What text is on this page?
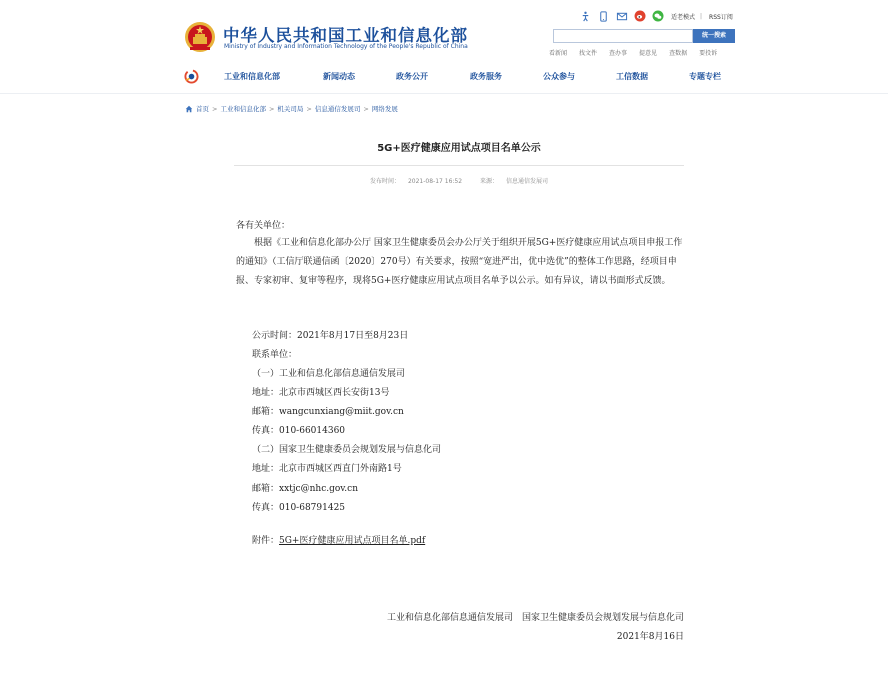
中华人民共和国工业和信息化部
Ministry of Industry and Information Technology of the People's Republic of China
适老模式 | RSS订阅
统一搜索
看新闻 找文件 查办事 提意见 查数据 要投诉
工业和信息化部	新闻动态	政务公开	政务服务	公众参与	工信数据	专题专栏
首页 > 工业和信息化部 > 机关司局 > 信息通信发展司 > 网络发展
5G+医疗健康应用试点项目名单公示
发布时间： 2021-08-17 16:52	来源： 信息通信发展司
各有关单位：
根据《工业和信息化部办公厅 国家卫生健康委员会办公厅关于组织开展5G+医疗健康应用试点项目申报工作的通知》（工信厅联通信函〔2020〕270号）有关要求，按照“宽进严出，优中选优”的整体工作思路，经项目申报、专家初审、复审等程序，现将5G+医疗健康应用试点项目名单予以公示。如有异议，请以书面形式反馈。
公示时间：2021年8月17日至8月23日
联系单位：
（一）工业和信息化部信息通信发展司
地址：北京市西城区西长安街13号
邮箱：wangcunxiang@miit.gov.cn
传真：010-66014360
（二）国家卫生健康委员会规划发展与信息化司
地址：北京市西城区西直门外南路1号
邮箱：xxtjc@nhc.gov.cn
传真：010-68791425
附件：5G+医疗健康应用试点项目名单.pdf
工业和信息化部信息通信发展司　国家卫生健康委员会规划发展与信息化司
2021年8月16日
